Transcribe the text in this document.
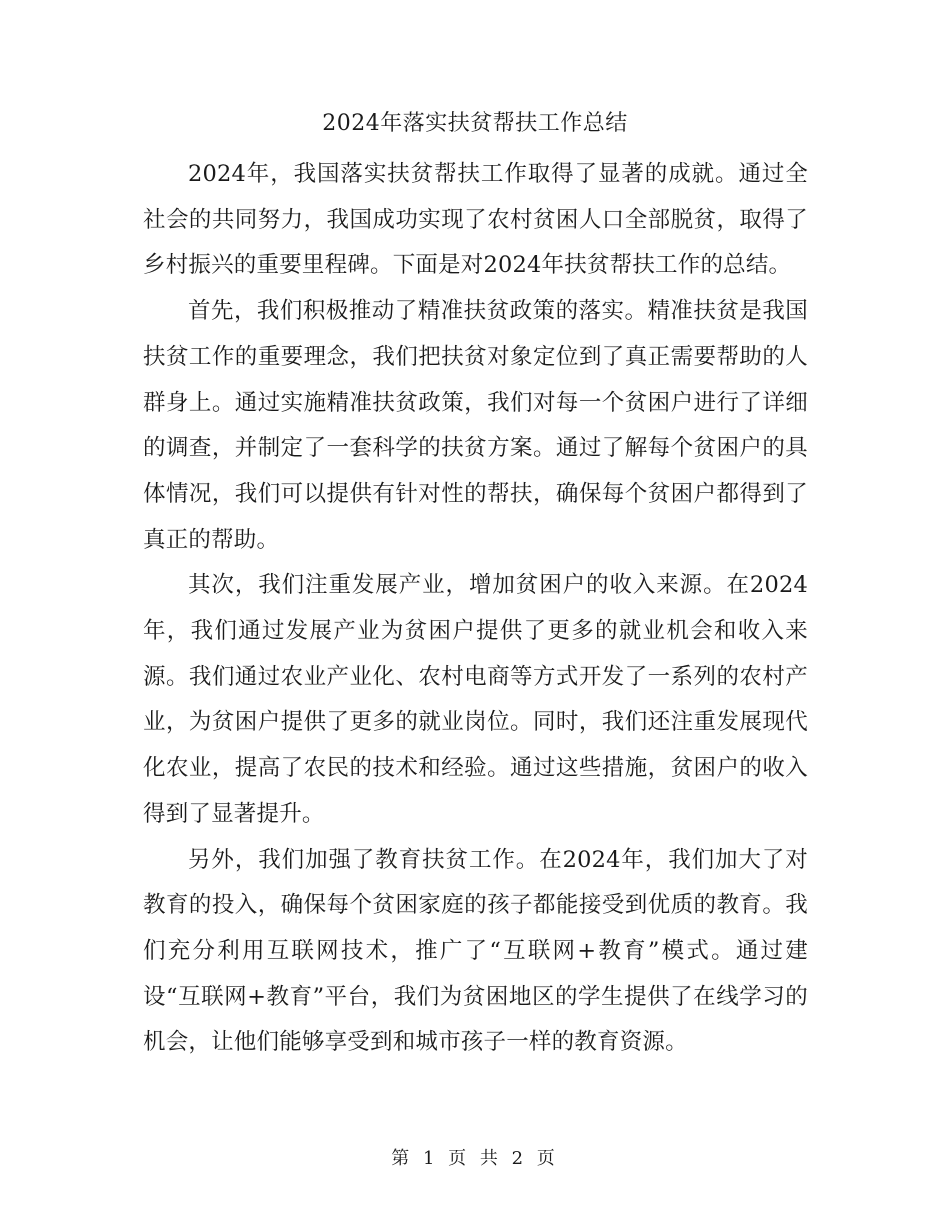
2024年落实扶贫帮扶工作总结

2024年，我国落实扶贫帮扶工作取得了显著的成就。通过全社会的共同努力，我国成功实现了农村贫困人口全部脱贫，取得了乡村振兴的重要里程碑。下面是对2024年扶贫帮扶工作的总结。

首先，我们积极推动了精准扶贫政策的落实。精准扶贫是我国扶贫工作的重要理念，我们把扶贫对象定位到了真正需要帮助的人群身上。通过实施精准扶贫政策，我们对每一个贫困户进行了详细的调查，并制定了一套科学的扶贫方案。通过了解每个贫困户的具体情况，我们可以提供有针对性的帮扶，确保每个贫困户都得到了真正的帮助。

其次，我们注重发展产业，增加贫困户的收入来源。在2024年，我们通过发展产业为贫困户提供了更多的就业机会和收入来源。我们通过农业产业化、农村电商等方式开发了一系列的农村产业，为贫困户提供了更多的就业岗位。同时，我们还注重发展现代化农业，提高了农民的技术和经验。通过这些措施，贫困户的收入得到了显著提升。

另外，我们加强了教育扶贫工作。在2024年，我们加大了对教育的投入，确保每个贫困家庭的孩子都能接受到优质的教育。我们充分利用互联网技术，推广了“互联网+教育”模式。通过建设“互联网+教育”平台，我们为贫困地区的学生提供了在线学习的机会，让他们能够享受到和城市孩子一样的教育资源。

第 1 页 共 2 页
